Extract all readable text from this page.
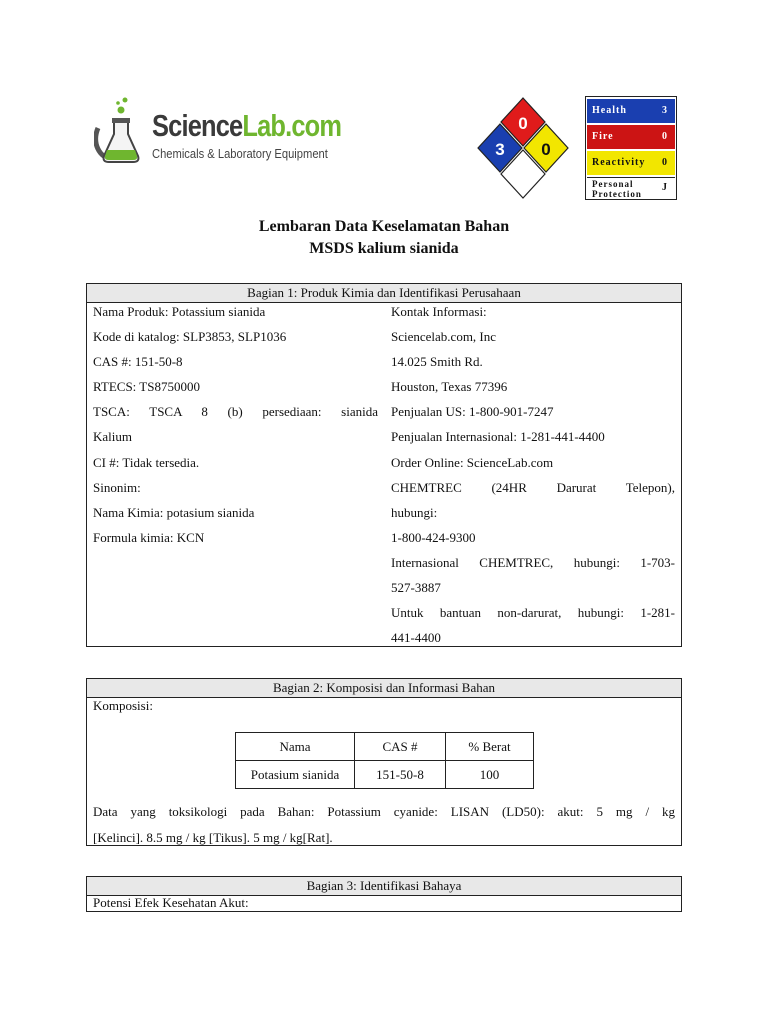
ScienceLab.com
Chemicals & Laboratory Equipment
0
3 0
Health	3
Fire	0
Reactivity 0
Personal
Protection
J
Lembaran Data Keselamatan Bahan
MSDS kalium sianida
Bagian 1: Produk Kimia dan Identifikasi Perusahaan
Nama Produk: Potassium sianida
Kode di katalog: SLP3853, SLP1036
CAS #: 151-50-8
RTECS: TS8750000
TSCA: TSCA 8 (b) persediaan: sianida
Kalium
CI #: Tidak tersedia.
Sinonim:
Nama Kimia: potasium sianida
Formula kimia: KCN
Kontak Informasi:
Sciencelab.com, Inc
14.025 Smith Rd.
Houston, Texas 77396
Penjualan US: 1-800-901-7247
Penjualan Internasional: 1-281-441-4400
Order Online: ScienceLab.com
CHEMTREC (24HR Darurat Telepon),
hubungi:
1-800-424-9300
Internasional CHEMTREC, hubungi: 1-703-
527-3887
Untuk bantuan non-darurat, hubungi: 1-281-
441-4400
Bagian 2: Komposisi dan Informasi Bahan
Komposisi:
Nama	CAS #	% Berat
Potasium sianida	151-50-8	100
Data yang toksikologi pada Bahan: Potassium cyanide: LISAN (LD50): akut: 5 mg / kg
[Kelinci]. 8.5 mg / kg [Tikus]. 5 mg / kg[Rat].
Bagian 3: Identifikasi Bahaya
Potensi Efek Kesehatan Akut:
